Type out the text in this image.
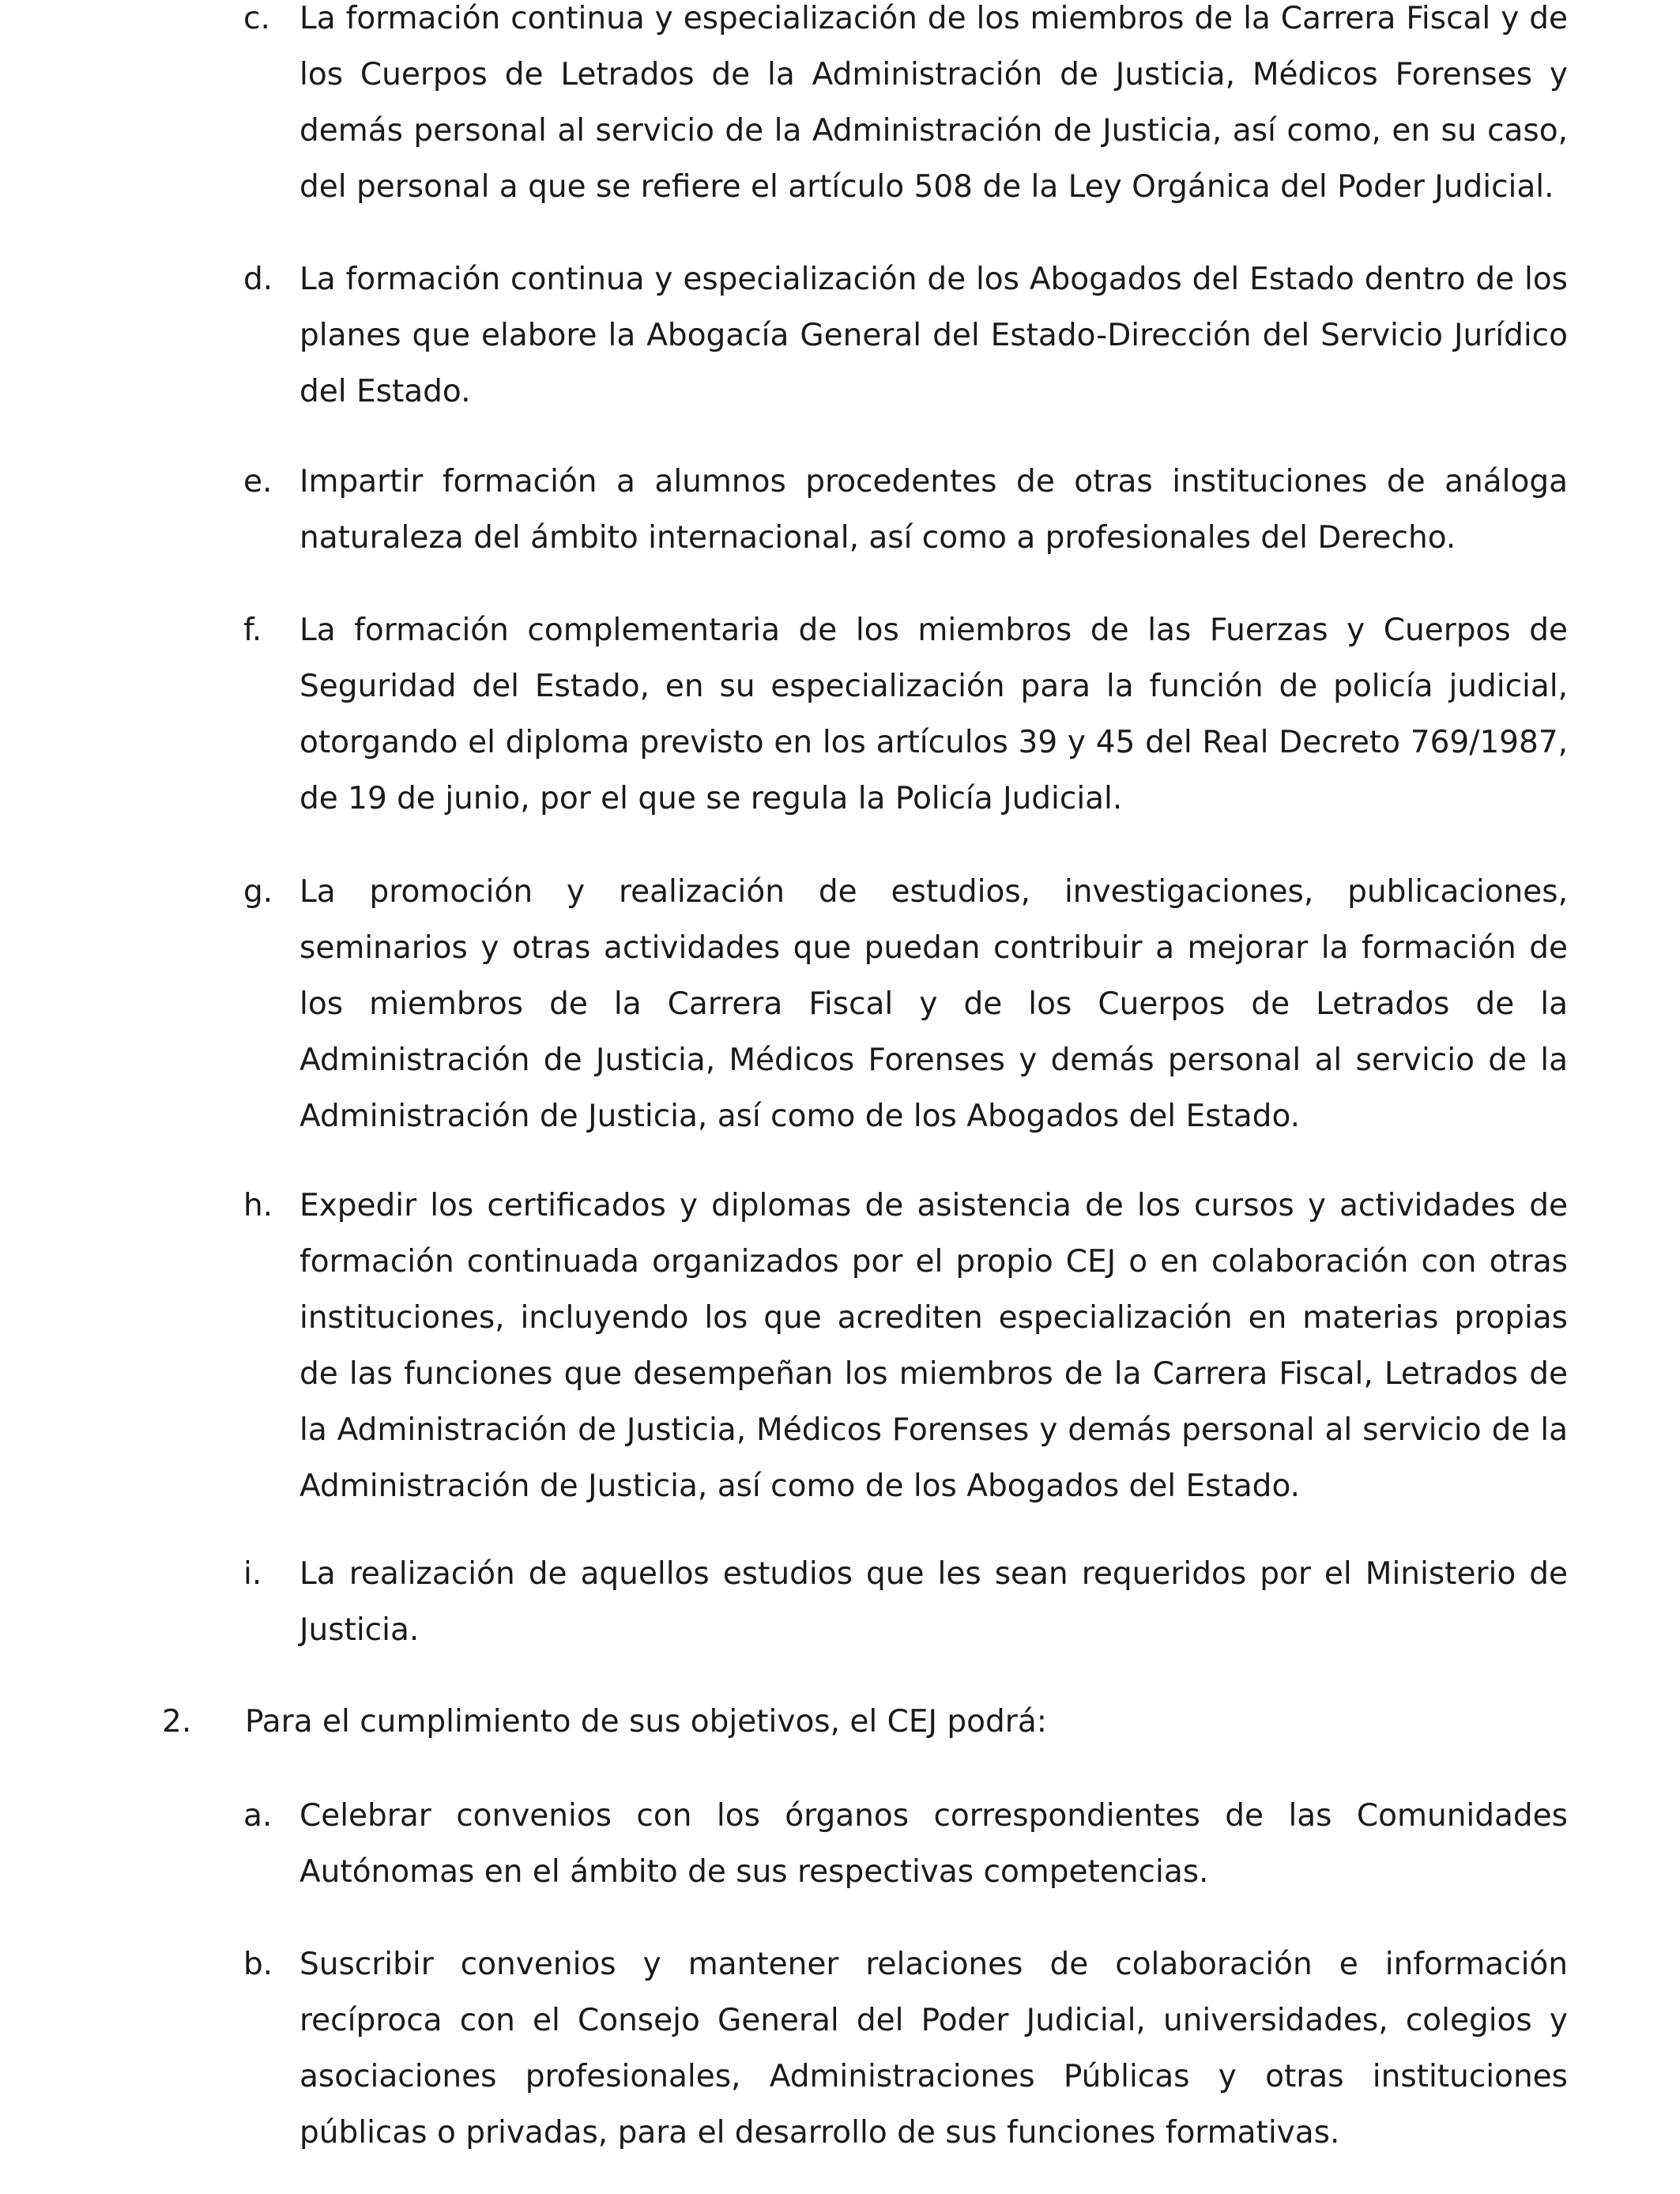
c. La formación continua y especialización de los miembros de la Carrera Fiscal y de los Cuerpos de Letrados de la Administración de Justicia, Médicos Forenses y demás personal al servicio de la Administración de Justicia, así como, en su caso, del personal a que se refiere el artículo 508 de la Ley Orgánica del Poder Judicial.
d. La formación continua y especialización de los Abogados del Estado dentro de los planes que elabore la Abogacía General del Estado-Dirección del Servicio Jurídico del Estado.
e. Impartir formación a alumnos procedentes de otras instituciones de análoga naturaleza del ámbito internacional, así como a profesionales del Derecho.
f. La formación complementaria de los miembros de las Fuerzas y Cuerpos de Seguridad del Estado, en su especialización para la función de policía judicial, otorgando el diploma previsto en los artículos 39 y 45 del Real Decreto 769/1987, de 19 de junio, por el que se regula la Policía Judicial.
g. La promoción y realización de estudios, investigaciones, publicaciones, seminarios y otras actividades que puedan contribuir a mejorar la formación de los miembros de la Carrera Fiscal y de los Cuerpos de Letrados de la Administración de Justicia, Médicos Forenses y demás personal al servicio de la Administración de Justicia, así como de los Abogados del Estado.
h. Expedir los certificados y diplomas de asistencia de los cursos y actividades de formación continuada organizados por el propio CEJ o en colaboración con otras instituciones, incluyendo los que acrediten especialización en materias propias de las funciones que desempeñan los miembros de la Carrera Fiscal, Letrados de la Administración de Justicia, Médicos Forenses y demás personal al servicio de la Administración de Justicia, así como de los Abogados del Estado.
i. La realización de aquellos estudios que les sean requeridos por el Ministerio de Justicia.
2. Para el cumplimiento de sus objetivos, el CEJ podrá:
a. Celebrar convenios con los órganos correspondientes de las Comunidades Autónomas en el ámbito de sus respectivas competencias.
b. Suscribir convenios y mantener relaciones de colaboración e información recíproca con el Consejo General del Poder Judicial, universidades, colegios y asociaciones profesionales, Administraciones Públicas y otras instituciones públicas o privadas, para el desarrollo de sus funciones formativas.
